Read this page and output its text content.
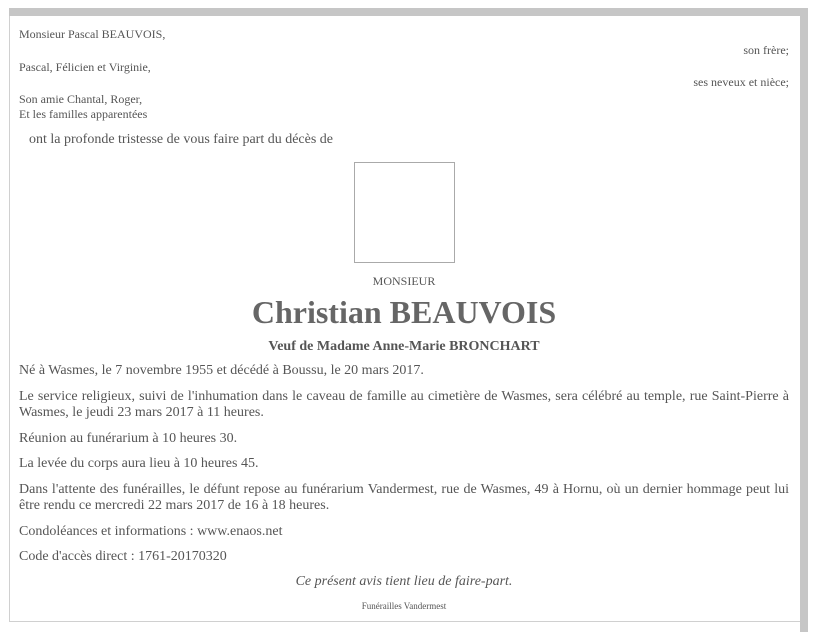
Monsieur Pascal BEAUVOIS,
son frère;
Pascal, Félicien et Virginie,
ses neveux et nièce;
Son amie Chantal, Roger,
Et les familles apparentées
ont la profonde tristesse de vous faire part du décès de
MONSIEUR
Christian BEAUVOIS
Veuf de Madame Anne-Marie BRONCHART
Né à Wasmes, le 7 novembre 1955 et décédé à Boussu, le 20 mars 2017.
Le service religieux, suivi de l'inhumation dans le caveau de famille au cimetière de Wasmes, sera célébré au temple, rue Saint-Pierre à Wasmes, le jeudi 23 mars 2017 à 11 heures.
Réunion au funérarium à 10 heures 30.
La levée du corps aura lieu à 10 heures 45.
Dans l'attente des funérailles, le défunt repose au funérarium Vandermest, rue de Wasmes, 49 à Hornu, où un dernier hommage peut lui être rendu ce mercredi 22 mars 2017 de 16 à 18 heures.
Condoléances et informations : www.enaos.net
Code d'accès direct : 1761-20170320
Ce présent avis tient lieu de faire-part.
Funérailles Vandermest
